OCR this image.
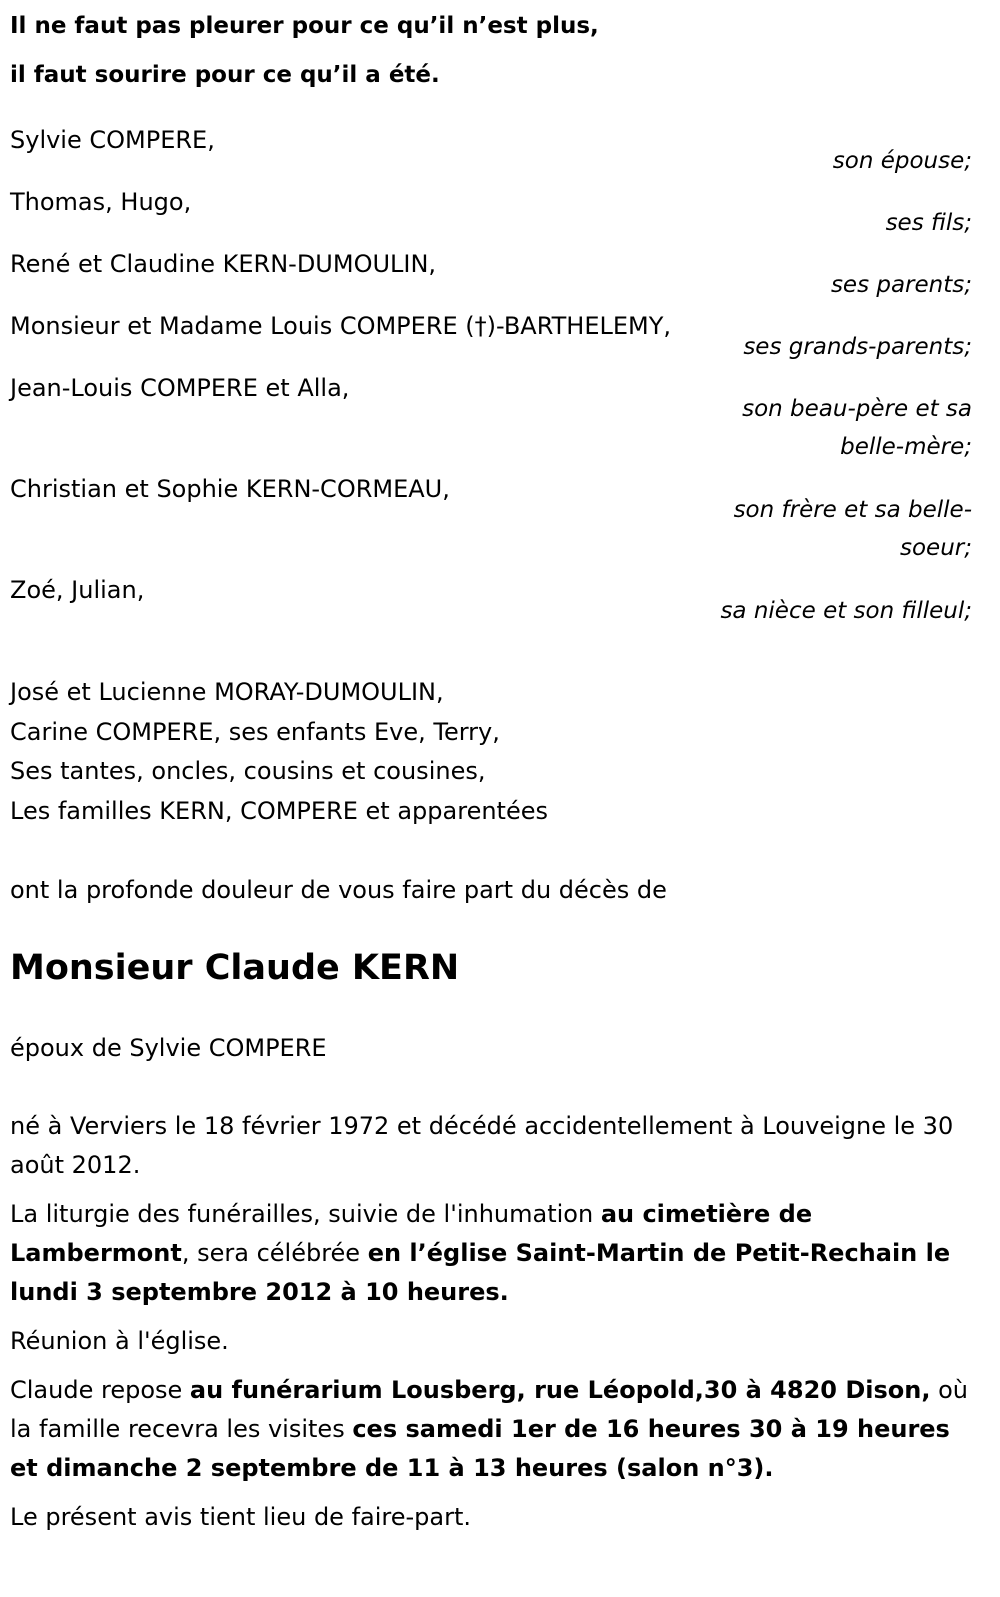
Il ne faut pas pleurer pour ce qu’il n’est plus,
il faut sourire pour ce qu’il a été.
Sylvie COMPERE,
son épouse;
Thomas, Hugo,
ses fils;
René et Claudine KERN-DUMOULIN,
ses parents;
Monsieur et Madame Louis COMPERE (†)-BARTHELEMY,
ses grands-parents;
Jean-Louis COMPERE et Alla,
son beau-père et sa belle-mère;
Christian et Sophie KERN-CORMEAU,
son frère et sa belle-soeur;
Zoé, Julian,
sa nièce et son filleul;
José et Lucienne MORAY-DUMOULIN,
Carine COMPERE, ses enfants Eve, Terry,
Ses tantes, oncles, cousins et cousines,
Les familles KERN, COMPERE et apparentées
ont la profonde douleur de vous faire part du décès de
Monsieur Claude KERN
époux de Sylvie COMPERE

né à Verviers le 18 février 1972 et décédé accidentellement à Louveigne le 30 août 2012.

La liturgie des funérailles, suivie de l'inhumation au cimetière de Lambermont, sera célébrée en l’église Saint-Martin de Petit-Rechain le lundi 3 septembre 2012 à 10 heures.

Réunion à l'église.

Claude repose au funérarium Lousberg, rue Léopold,30 à 4820 Dison, où la famille recevra les visites ces samedi 1er de 16 heures 30 à 19 heures et dimanche 2 septembre de 11 à 13 heures (salon n°3).

Le présent avis tient lieu de faire-part.
